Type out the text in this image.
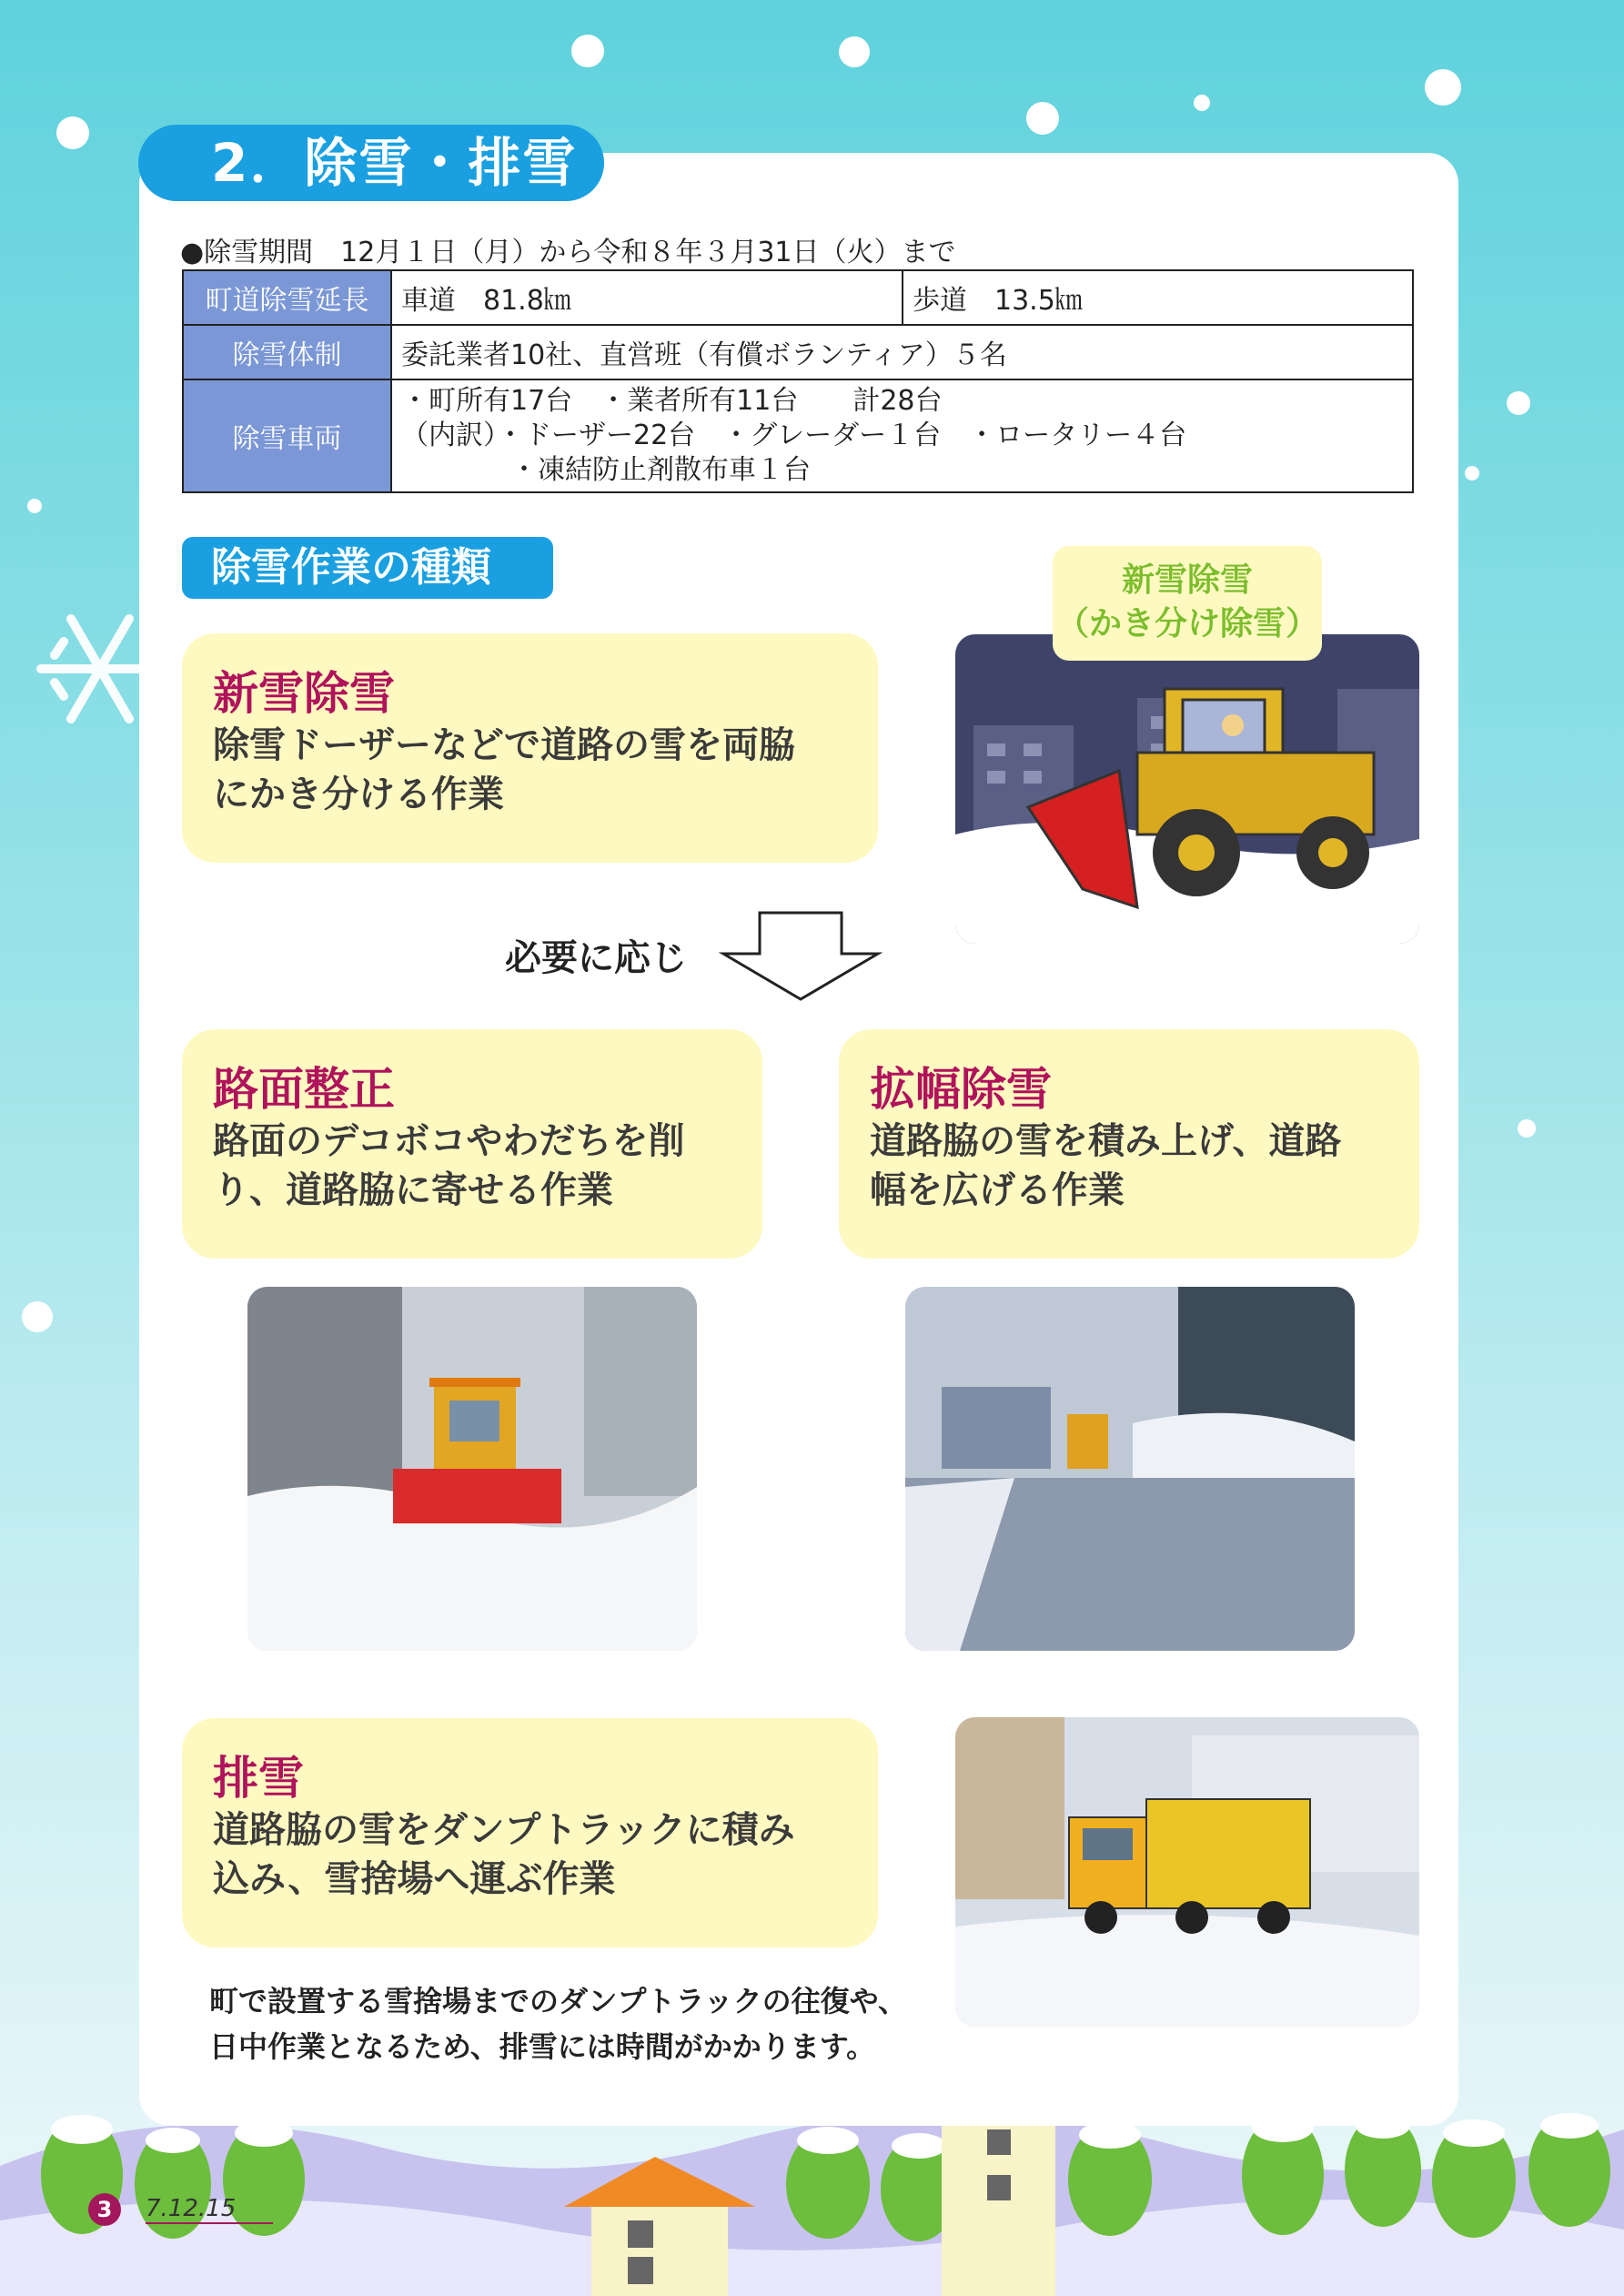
2．除雪・排雪
●除雪期間　12月１日（月）から令和８年３月31日（火）まで
町道除雪延長	車道　81.8㎞	歩道　13.5㎞
除雪体制	委託業者10社、直営班（有償ボランティア）５名	
除雪車両	・町所有17台　・業者所有11台　　計28台
（内訳）・ドーザー22台　・グレーダー１台　・ロータリー４台
　　　　・凍結防止剤散布車１台	
除雪作業の種類
新雪除雪
除雪ドーザーなどで道路の雪を両脇
にかき分ける作業
新雪除雪
（かき分け除雪）
必要に応じ
路面整正
路面のデコボコやわだちを削
り、道路脇に寄せる作業
拡幅除雪
道路脇の雪を積み上げ、道路
幅を広げる作業
排雪
道路脇の雪をダンプトラックに積み
込み、雪捨場へ運ぶ作業
町で設置する雪捨場までのダンプトラックの往復や、
日中作業となるため、排雪には時間がかかります。
3	7.12.15
